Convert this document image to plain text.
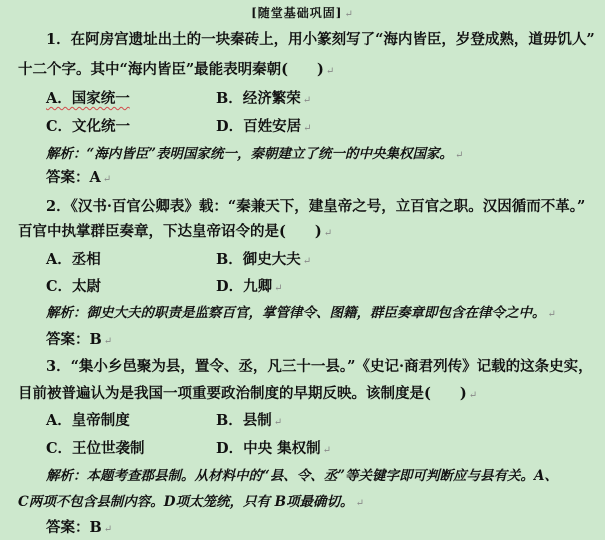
[随堂基础巩固] ↵
1．在阿房宫遗址出土的一块秦砖上，用小篆刻写了“海内皆臣，岁登成熟，道毋饥人”
十二个字。其中“海内皆臣”最能表明秦朝(　　) ↵
A．国家统一	B．经济繁荣 ↵
C．文化统一	D．百姓安居 ↵
解析：“海内皆臣”表明国家统一，秦朝建立了统一的中央集权国家。 ↵
答案：A ↵
2．《汉书·百官公卿表》载：“秦兼天下，建皇帝之号，立百官之职。汉因循而不革。”
百官中执掌群臣奏章，下达皇帝诏令的是(　　) ↵
A．丞相	B．御史大夫 ↵
C．太尉	D．九卿 ↵
解析：御史大夫的职责是监察百官，掌管律令、图籍，群臣奏章即包含在律令之中。 ↵
答案：B ↵
3．“集小乡邑聚为县，置令、丞，凡三十一县。”《史记·商君列传》记载的这条史实，
目前被普遍认为是我国一项重要政治制度的早期反映。该制度是(　　) ↵
A．皇帝制度	B．县制 ↵
C．王位世袭制	D．中央 集权制 ↵
解析：本题考查郡县制。从材料中的“县、令、丞”等关键字即可判断应与县有关。A、
C两项不包含县制内容。D项太笼统，只有 B项最确切。 ↵
答案：B ↵
